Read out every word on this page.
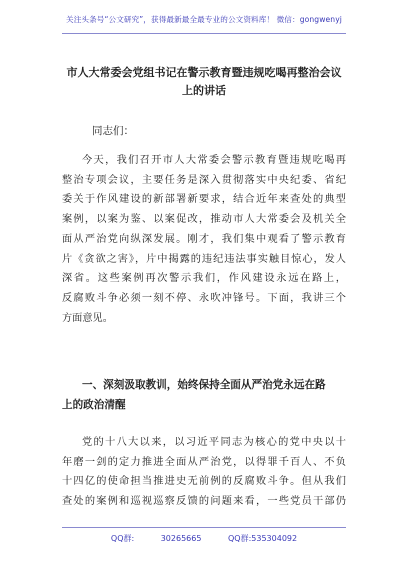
关注头条号“公文研究”，获得最新最全最专业的公文资料库！ 微信：gongwenyj
市人大常委会党组书记在警示教育暨违规吃喝再整治会议
上的讲话
同志们：
今天，我们召开市人大常委会警示教育暨违规吃喝再
整治专项会议，主要任务是深入贯彻落实中央纪委、省纪
委关于作风建设的新部署新要求，结合近年来查处的典型
案例，以案为鉴、以案促改，推动市人大常委会及机关全
面从严治党向纵深发展。刚才，我们集中观看了警示教育
片《贪欲之害》，片中揭露的违纪违法事实触目惊心，发人
深省。这些案例再次警示我们，作风建设永远在路上，
反腐败斗争必须一刻不停、永吹冲锋号。下面，我讲三个
方面意见。
一、深刻汲取教训，始终保持全面从严治党永远在路
上的政治清醒
党的十八大以来，以习近平同志为核心的党中央以十
年磨一剑的定力推进全面从严治党，以得罪千百人、不负
十四亿的使命担当推进史无前例的反腐败斗争。但从我们
查处的案例和巡视巡察反馈的问题来看，一些党员干部仍
QQ群: 30265665	QQ群:535304092
